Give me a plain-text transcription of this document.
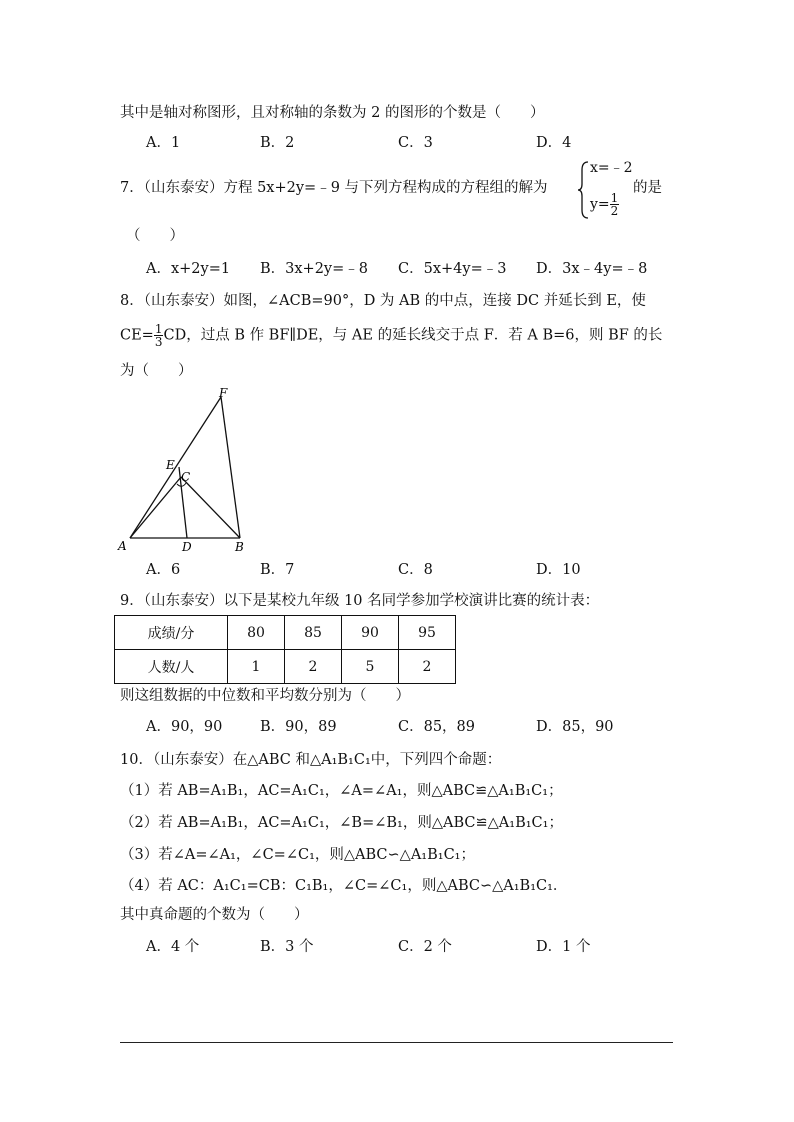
其中是轴对称图形，且对称轴的条数为 2 的图形的个数是（　　）
A．1	B．2	C．3	D．4
7．（山东泰安）方程 5x+2y=﹣9 与下列方程构成的方程组的解为
x=﹣2
$y= \frac{1}{2}$
的是
（　　）
A．x+2y=1 B．3x+2y=﹣8 C．5x+4y=﹣3 D．3x﹣4y=﹣8
8．（山东泰安）如图，∠ACB=90°，D 为 AB 的中点，连接 DC 并延长到 E，使
$CE= \frac{1}{3}$ CD，过点 B 作 BF∥DE，与 AE 的延长线交于点 F．若 A B=6，则 BF 的长
为（　　）
F
E
C
A	D	B
A．6	B．7	C．8	D．10
9．（山东泰安）以下是某校九年级 10 名同学参加学校演讲比赛的统计表：
成绩/分	80	85	90	95
人数/人	1	2	5	2
则这组数据的中位数和平均数分别为（　　）
A．90，90	B．90，89	C．85，89	D．85，90
10．（山东泰安）在△ABC 和△A₁B₁C₁中，下列四个命题：
（1）若 AB=A₁B₁，AC=A₁C₁，∠A=∠A₁，则△ABC≌△A₁B₁C₁；
（2）若 AB=A₁B₁，AC=A₁C₁，∠B=∠B₁，则△ABC≌△A₁B₁C₁；
（3）若∠A=∠A₁，∠C=∠C₁，则△ABC∽△A₁B₁C₁；
（4）若 AC：A₁C₁=CB：C₁B₁，∠C=∠C₁，则△ABC∽△A₁B₁C₁．
其中真命题的个数为（　　）
A．4 个	B．3 个	C．2 个	D．1 个
